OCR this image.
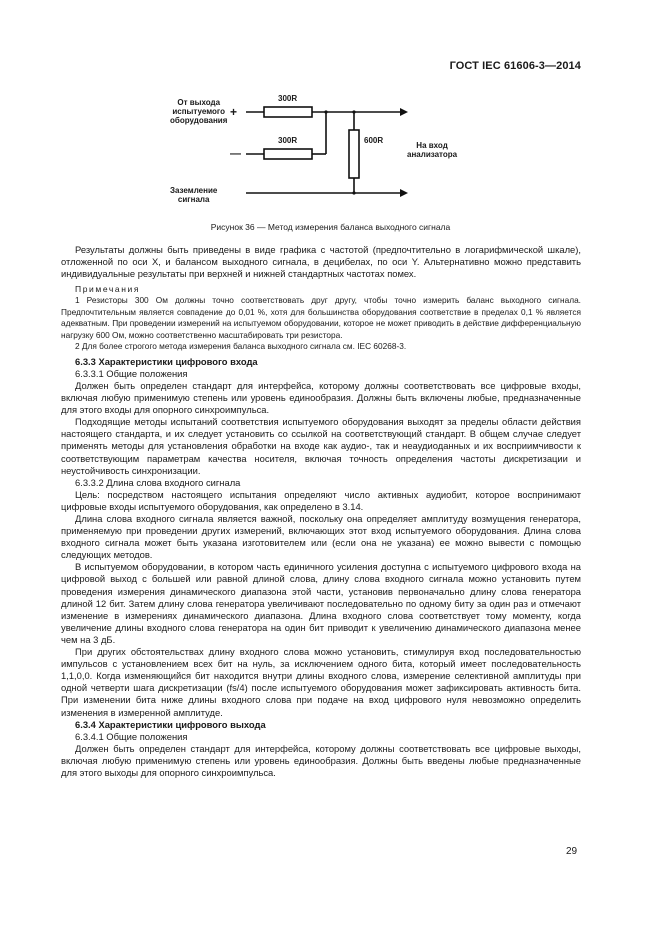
ГОСТ IEC 61606-3—2014
От выхода
испытуемого
оборудования
+
—
300R
300R	600R
На вход
анализатора
Заземление
сигнала
Рисунок 36 — Метод измерения баланса выходного сигнала

Результаты должны быть приведены в виде графика с частотой (предпочтительно в логарифмической шкале), отложенной по оси X, и балансом выходного сигнала, в децибелах, по оси Y. Альтернативно можно представить индивидуальные результаты при верхней и нижней стандартных частотах помех.

Примечания

1 Резисторы 300 Ом должны точно соответствовать друг другу, чтобы точно измерить баланс выходного сигнала. Предпочтительным является совпадение до 0,01 %, хотя для большинства оборудования соответствие в пределах 0,1 % является адекватным. При проведении измерений на испытуемом оборудовании, которое не может приводить в действие дифференциальную нагрузку 600 Ом, можно соответственно масштабировать три резистора.

2 Для более строгого метода измерения баланса выходного сигнала см. IEC 60268-3.

6.3.3 Характеристики цифрового входа

6.3.3.1 Общие положения

Должен быть определен стандарт для интерфейса, которому должны соответствовать все цифровые входы, включая любую применимую степень или уровень единообразия. Должны быть включены любые, предназначенные для этого входы для опорного синхроимпульса.

Подходящие методы испытаний соответствия испытуемого оборудования выходят за пределы области действия настоящего стандарта, и их следует установить со ссылкой на соответствующий стандарт. В общем случае следует применять методы для установления обработки на входе как аудио-, так и неаудиоданных и их восприимчивости к соответствующим параметрам качества носителя, включая точность определения частоты дискретизации и неустойчивость синхронизации.

6.3.3.2 Длина слова входного сигнала

Цель: посредством настоящего испытания определяют число активных аудиобит, которое воспринимают цифровые входы испытуемого оборудования, как определено в 3.14.

Длина слова входного сигнала является важной, поскольку она определяет амплитуду возмущения генератора, применяемую при проведении других измерений, включающих этот вход испытуемого оборудования. Длина слова входного сигнала может быть указана изготовителем или (если она не указана) ее можно вывести с помощью следующих методов.

В испытуемом оборудовании, в котором часть единичного усиления доступна с испытуемого цифрового входа на цифровой выход с большей или равной длиной слова, длину слова входного сигнала можно установить путем проведения измерения динамического диапазона этой части, установив первоначально длину слова генератора длиной 12 бит. Затем длину слова генератора увеличивают последовательно по одному биту за один раз и отмечают изменение в измерениях динамического диапазона. Длина входного слова соответствует тому моменту, когда увеличение длины входного слова генератора на один бит приводит к увеличению динамического диапазона менее чем на 3 дБ.

При других обстоятельствах длину входного слова можно установить, стимулируя вход последовательностью импульсов с установлением всех бит на нуль, за исключением одного бита, который имеет последовательность 1,1,0,0. Когда изменяющийся бит находится внутри длины входного слова, измерение селективной амплитуды при одной четверти шага дискретизации (fs/4) после испытуемого оборудования может зафиксировать активность бита. При изменении бита ниже длины входного слова при подаче на вход цифрового нуля невозможно определить изменения в измеренной амплитуде.

6.3.4 Характеристики цифрового выхода

6.3.4.1 Общие положения

Должен быть определен стандарт для интерфейса, которому должны соответствовать все цифровые выходы, включая любую применимую степень или уровень единообразия. Должны быть введены любые предназначенные для этого выходы для опорного синхроимпульса.

29
